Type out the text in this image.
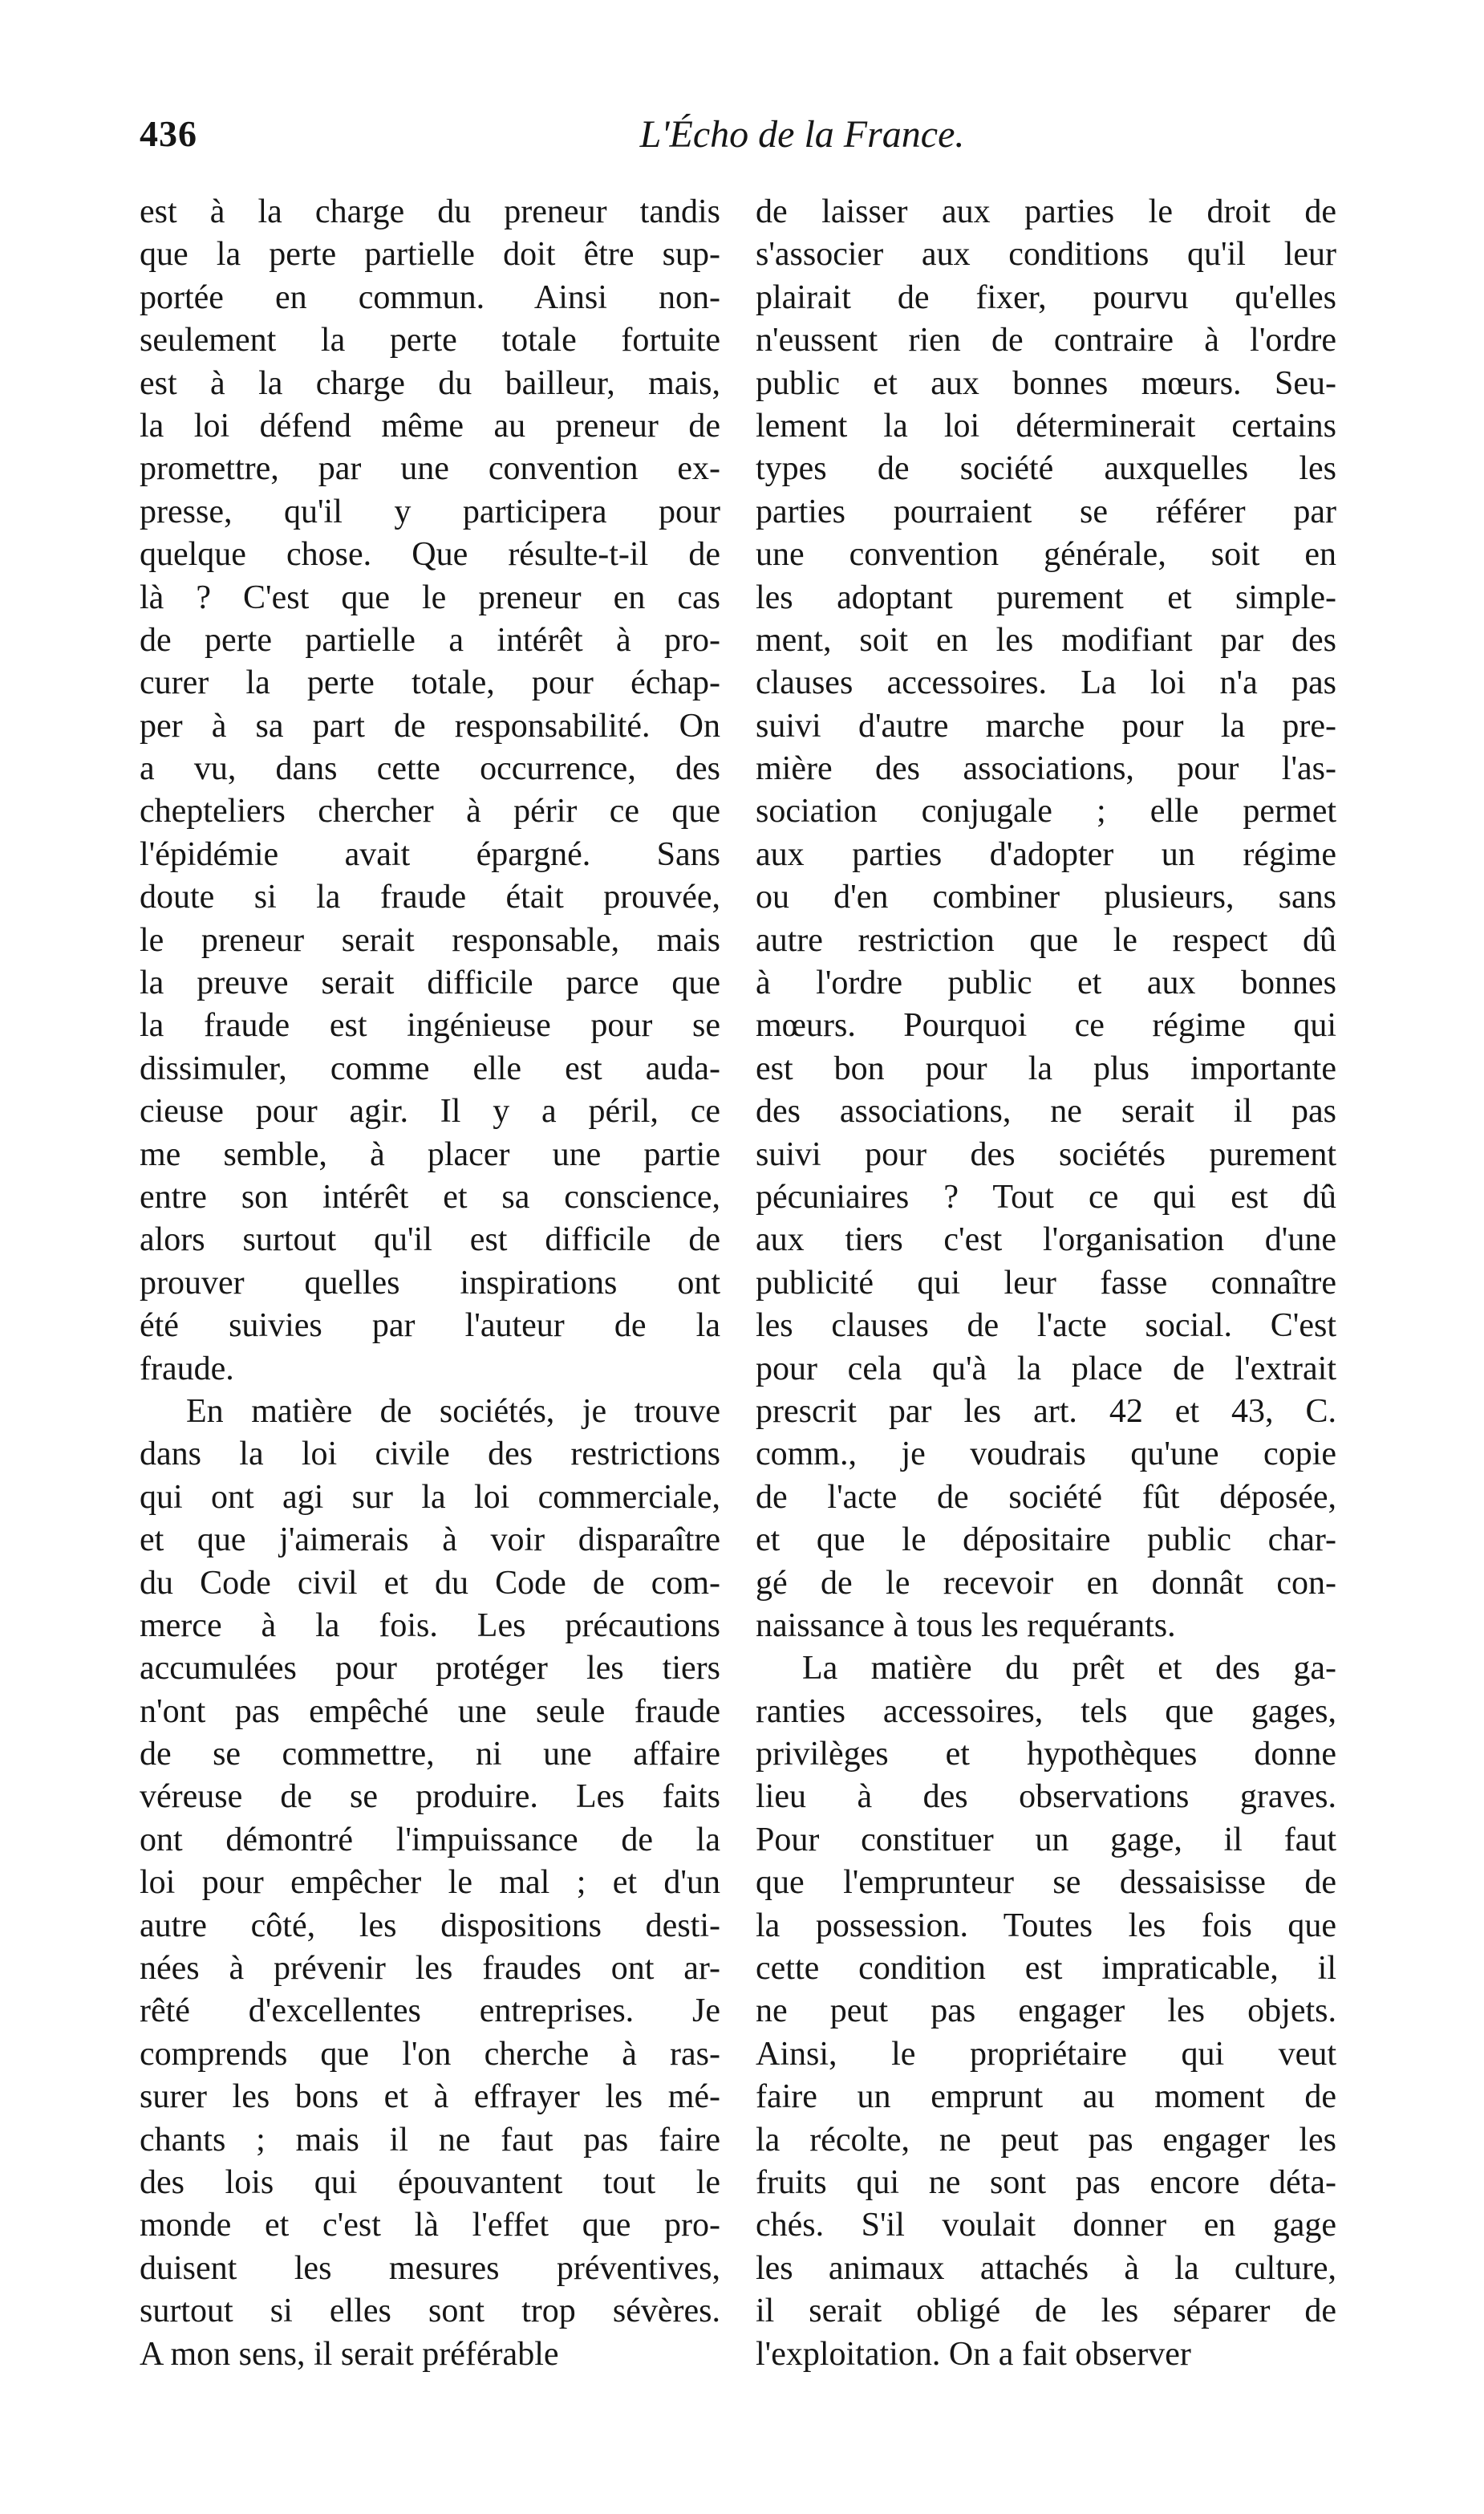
436	L'Écho de la France.
est à la charge du preneur tandis
que la perte partielle doit être sup-
portée en commun. Ainsi non-
seulement la perte totale fortuite
est à la charge du bailleur, mais,
la loi défend même au preneur de
promettre, par une convention ex-
presse, qu'il y participera pour
quelque chose. Que résulte-t-il de
là ? C'est que le preneur en cas
de perte partielle a intérêt à pro-
curer la perte totale, pour échap-
per à sa part de responsabilité. On
a vu, dans cette occurrence, des
chepteliers chercher à périr ce que
l'épidémie avait épargné. Sans
doute si la fraude était prouvée,
le preneur serait responsable, mais
la preuve serait difficile parce que
la fraude est ingénieuse pour se
dissimuler, comme elle est auda-
cieuse pour agir. Il y a péril, ce
me semble, à placer une partie
entre son intérêt et sa conscience,
alors surtout qu'il est difficile de
prouver quelles inspirations ont
été suivies par l'auteur de la
fraude.
En matière de sociétés, je trouve
dans la loi civile des restrictions
qui ont agi sur la loi commerciale,
et que j'aimerais à voir disparaître
du Code civil et du Code de com-
merce à la fois. Les précautions
accumulées pour protéger les tiers
n'ont pas empêché une seule fraude
de se commettre, ni une affaire
véreuse de se produire. Les faits
ont démontré l'impuissance de la
loi pour empêcher le mal ; et d'un
autre côté, les dispositions desti-
nées à prévenir les fraudes ont ar-
rêté d'excellentes entreprises. Je
comprends que l'on cherche à ras-
surer les bons et à effrayer les mé-
chants ; mais il ne faut pas faire
des lois qui épouvantent tout le
monde et c'est là l'effet que pro-
duisent les mesures préventives,
surtout si elles sont trop sévères.
A mon sens, il serait préférable
de laisser aux parties le droit de
s'associer aux conditions qu'il leur
plairait de fixer, pourvu qu'elles
n'eussent rien de contraire à l'ordre
public et aux bonnes mœurs. Seu-
lement la loi déterminerait certains
types de société auxquelles les
parties pourraient se référer par
une convention générale, soit en
les adoptant purement et simple-
ment, soit en les modifiant par des
clauses accessoires. La loi n'a pas
suivi d'autre marche pour la pre-
mière des associations, pour l'as-
sociation conjugale ; elle permet
aux parties d'adopter un régime
ou d'en combiner plusieurs, sans
autre restriction que le respect dû
à l'ordre public et aux bonnes
mœurs. Pourquoi ce régime qui
est bon pour la plus importante
des associations, ne serait il pas
suivi pour des sociétés purement
pécuniaires ? Tout ce qui est dû
aux tiers c'est l'organisation d'une
publicité qui leur fasse connaître
les clauses de l'acte social. C'est
pour cela qu'à la place de l'extrait
prescrit par les art. 42 et 43, C.
comm., je voudrais qu'une copie
de l'acte de société fût déposée,
et que le dépositaire public char-
gé de le recevoir en donnât con-
naissance à tous les requérants.
La matière du prêt et des ga-
ranties accessoires, tels que gages,
privilèges et hypothèques donne
lieu à des observations graves.
Pour constituer un gage, il faut
que l'emprunteur se dessaisisse de
la possession. Toutes les fois que
cette condition est impraticable, il
ne peut pas engager les objets.
Ainsi, le propriétaire qui veut
faire un emprunt au moment de
la récolte, ne peut pas engager les
fruits qui ne sont pas encore déta-
chés. S'il voulait donner en gage
les animaux attachés à la culture,
il serait obligé de les séparer de
l'exploitation. On a fait observer
